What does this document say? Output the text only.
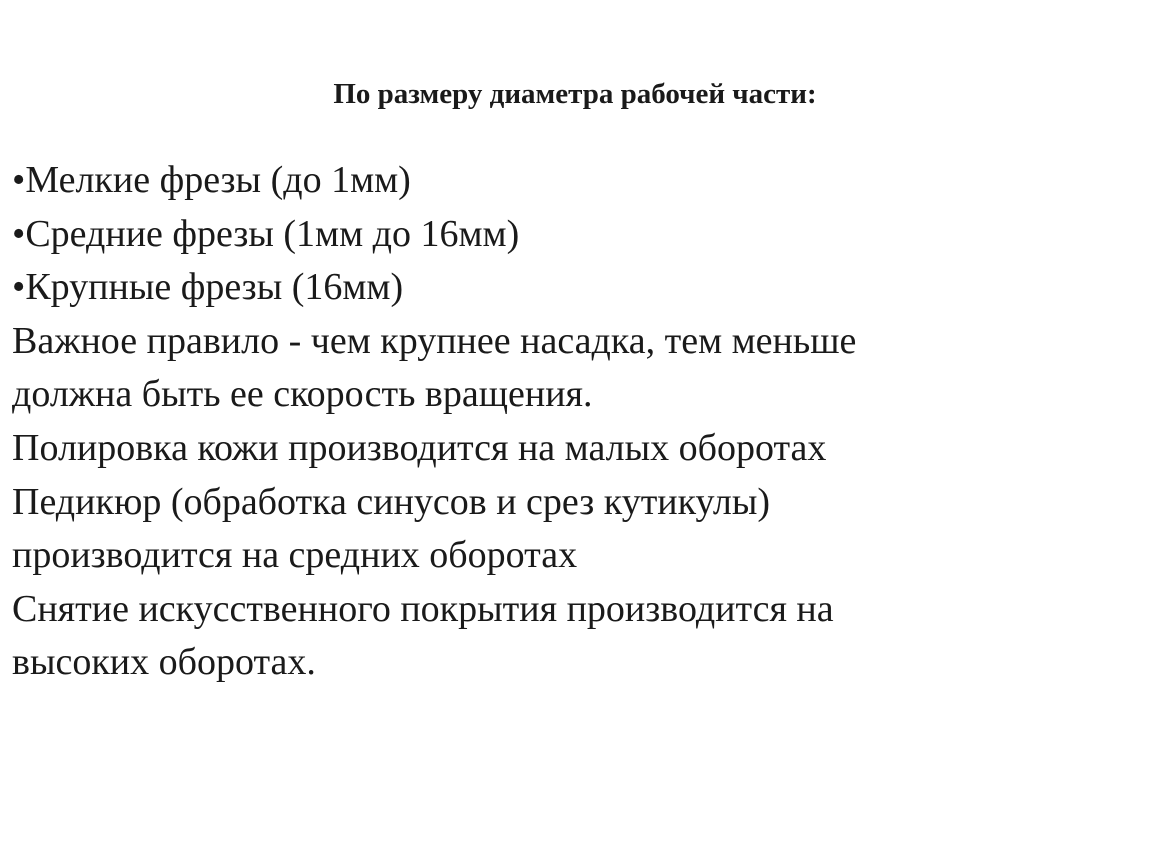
По размеру диаметра рабочей части:
•Мелкие фрезы (до 1мм)
•Средние фрезы (1мм до 16мм)
•Крупные фрезы (16мм)
Важное правило - чем крупнее насадка, тем меньше
должна быть ее скорость вращения.
Полировка кожи производится на малых оборотах
Педикюр (обработка синусов и срез кутикулы)
производится на средних оборотах
Снятие искусственного покрытия производится на
высоких оборотах.
